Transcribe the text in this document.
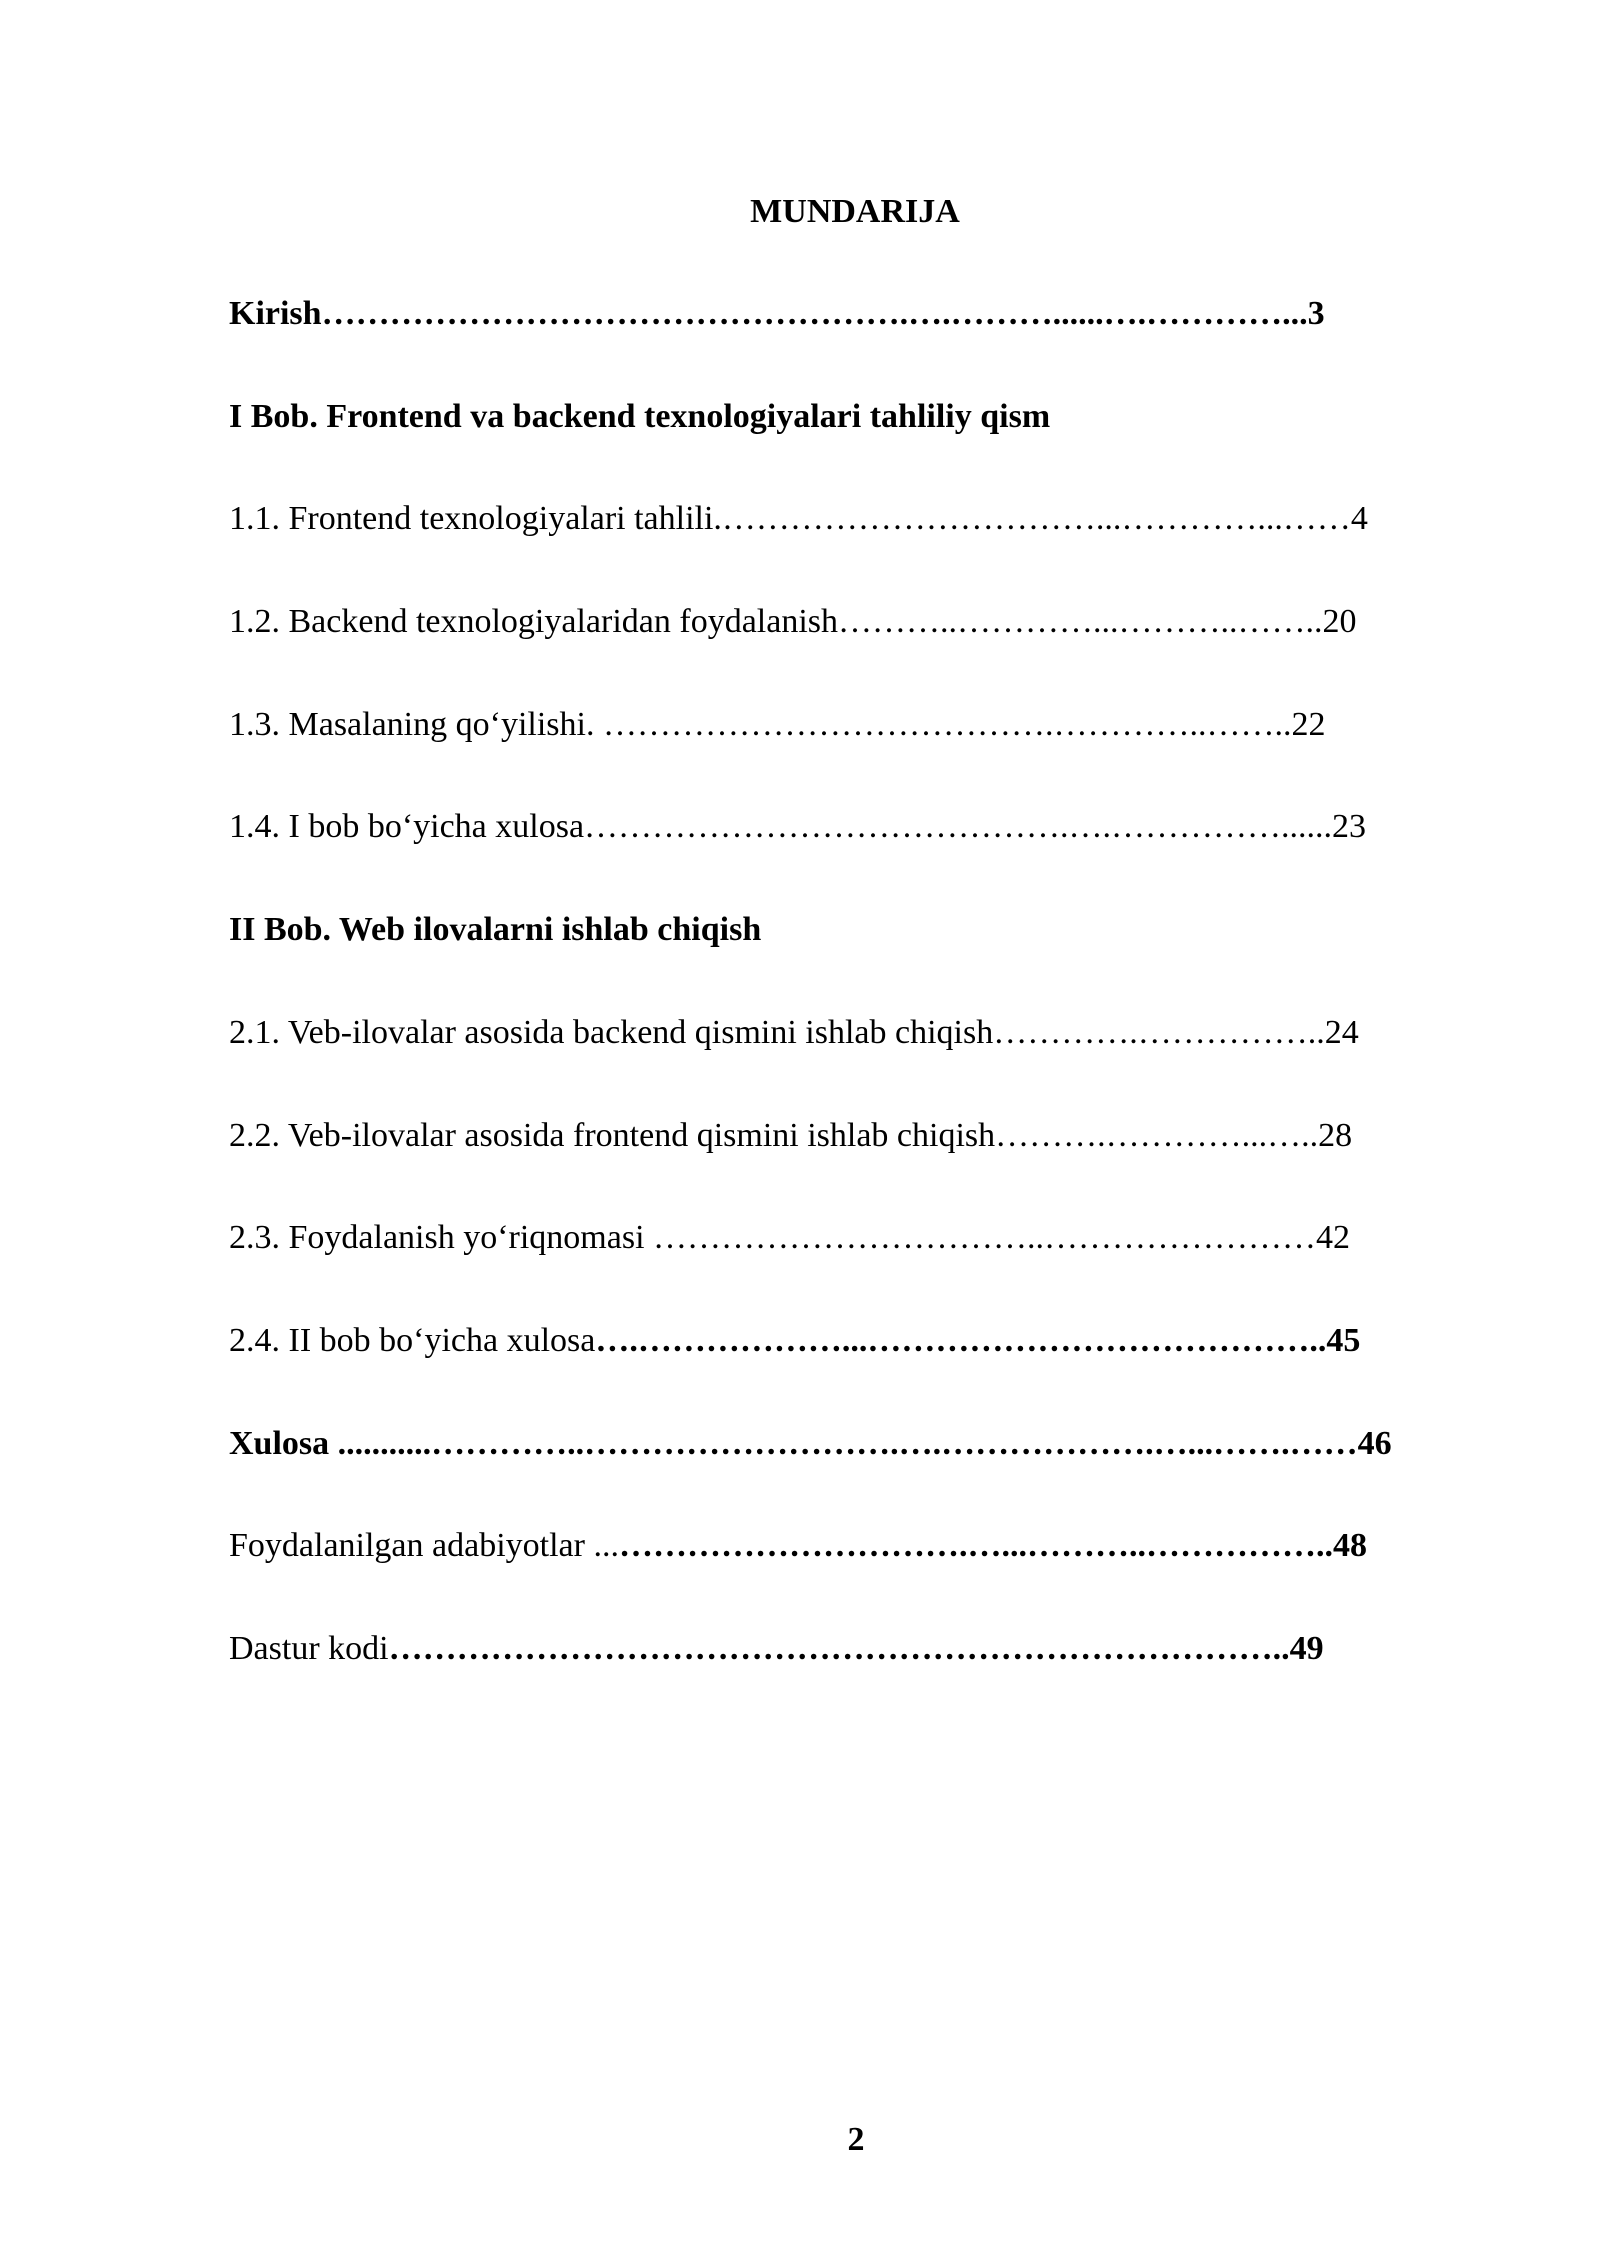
MUNDARIJA
Kirish…………………………………………….….………......….…………...3
I Bob. Frontend va backend texnologiyalari tahliliy qism
1.1. Frontend texnologiyalari tahlili.……………………………...…………...……4
1.2. Backend texnologiyalaridan foydalanish………..…………...………..……..20
1.3. Masalaning qo‘yilishi. ………………………………….…………..……..22
1.4. I bob bo‘yicha xulosa…………………………………….….……………......23
II Bob. Web ilovalarni ishlab chiqish
2.1. Veb-ilovalar asosida backend qismini ishlab chiqish………….……………..24
2.2. Veb-ilovalar asosida frontend qismini ishlab chiqish……….…………...…..28
2.3. Foydalanish yo‘riqnomasi ……………………………..……………………42
2.4. II bob bo‘yicha xulosa….………………...…………………………………..45
Xulosa ...........…………..……………………….….……………….…...…….……46
Foydalanilgan adabiyotlar ...………………………….…...………..……………..48
Dastur kodi……………………………………………………………………..49
2
